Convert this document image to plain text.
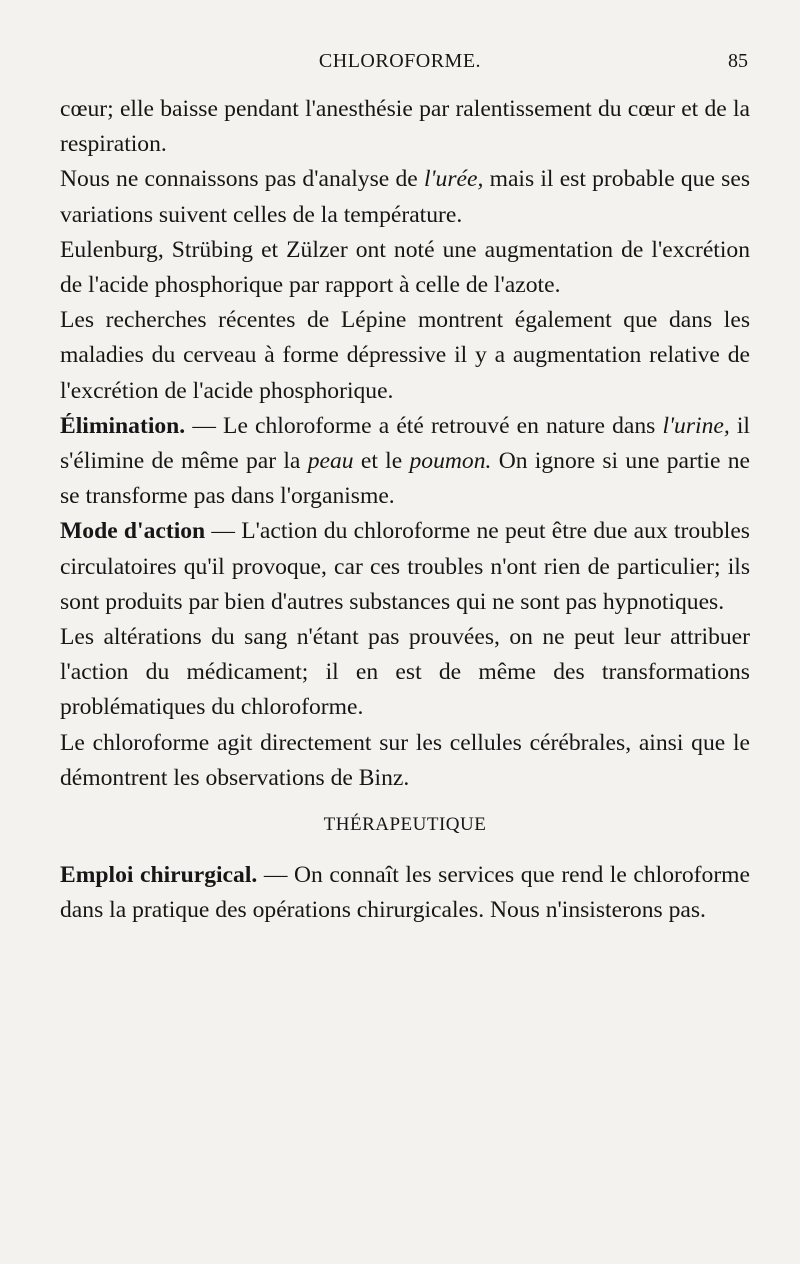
CHLOROFORME.	85

cœur; elle baisse pendant l'anesthésie par ralentissement du cœur et de la respiration.

Nous ne connaissons pas d'analyse de l'urée, mais il est probable que ses variations suivent celles de la température.

Eulenburg, Strübing et Zülzer ont noté une augmentation de l'excrétion de l'acide phosphorique par rapport à celle de l'azote.

Les recherches récentes de Lépine montrent également que dans les maladies du cerveau à forme dépressive il y a augmentation relative de l'excrétion de l'acide phosphorique.

Élimination. — Le chloroforme a été retrouvé en nature dans l'urine, il s'élimine de même par la peau et le poumon. On ignore si une partie ne se transforme pas dans l'organisme.

Mode d'action — L'action du chloroforme ne peut être due aux troubles circulatoires qu'il provoque, car ces troubles n'ont rien de particulier; ils sont produits par bien d'autres substances qui ne sont pas hypnotiques.

Les altérations du sang n'étant pas prouvées, on ne peut leur attribuer l'action du médicament; il en est de même des transformations problématiques du chloroforme.

Le chloroforme agit directement sur les cellules cérébrales, ainsi que le démontrent les observations de Binz.

THÉRAPEUTIQUE

Emploi chirurgical. — On connaît les services que rend le chloroforme dans la pratique des opérations chirurgicales. Nous n'insisterons pas.
